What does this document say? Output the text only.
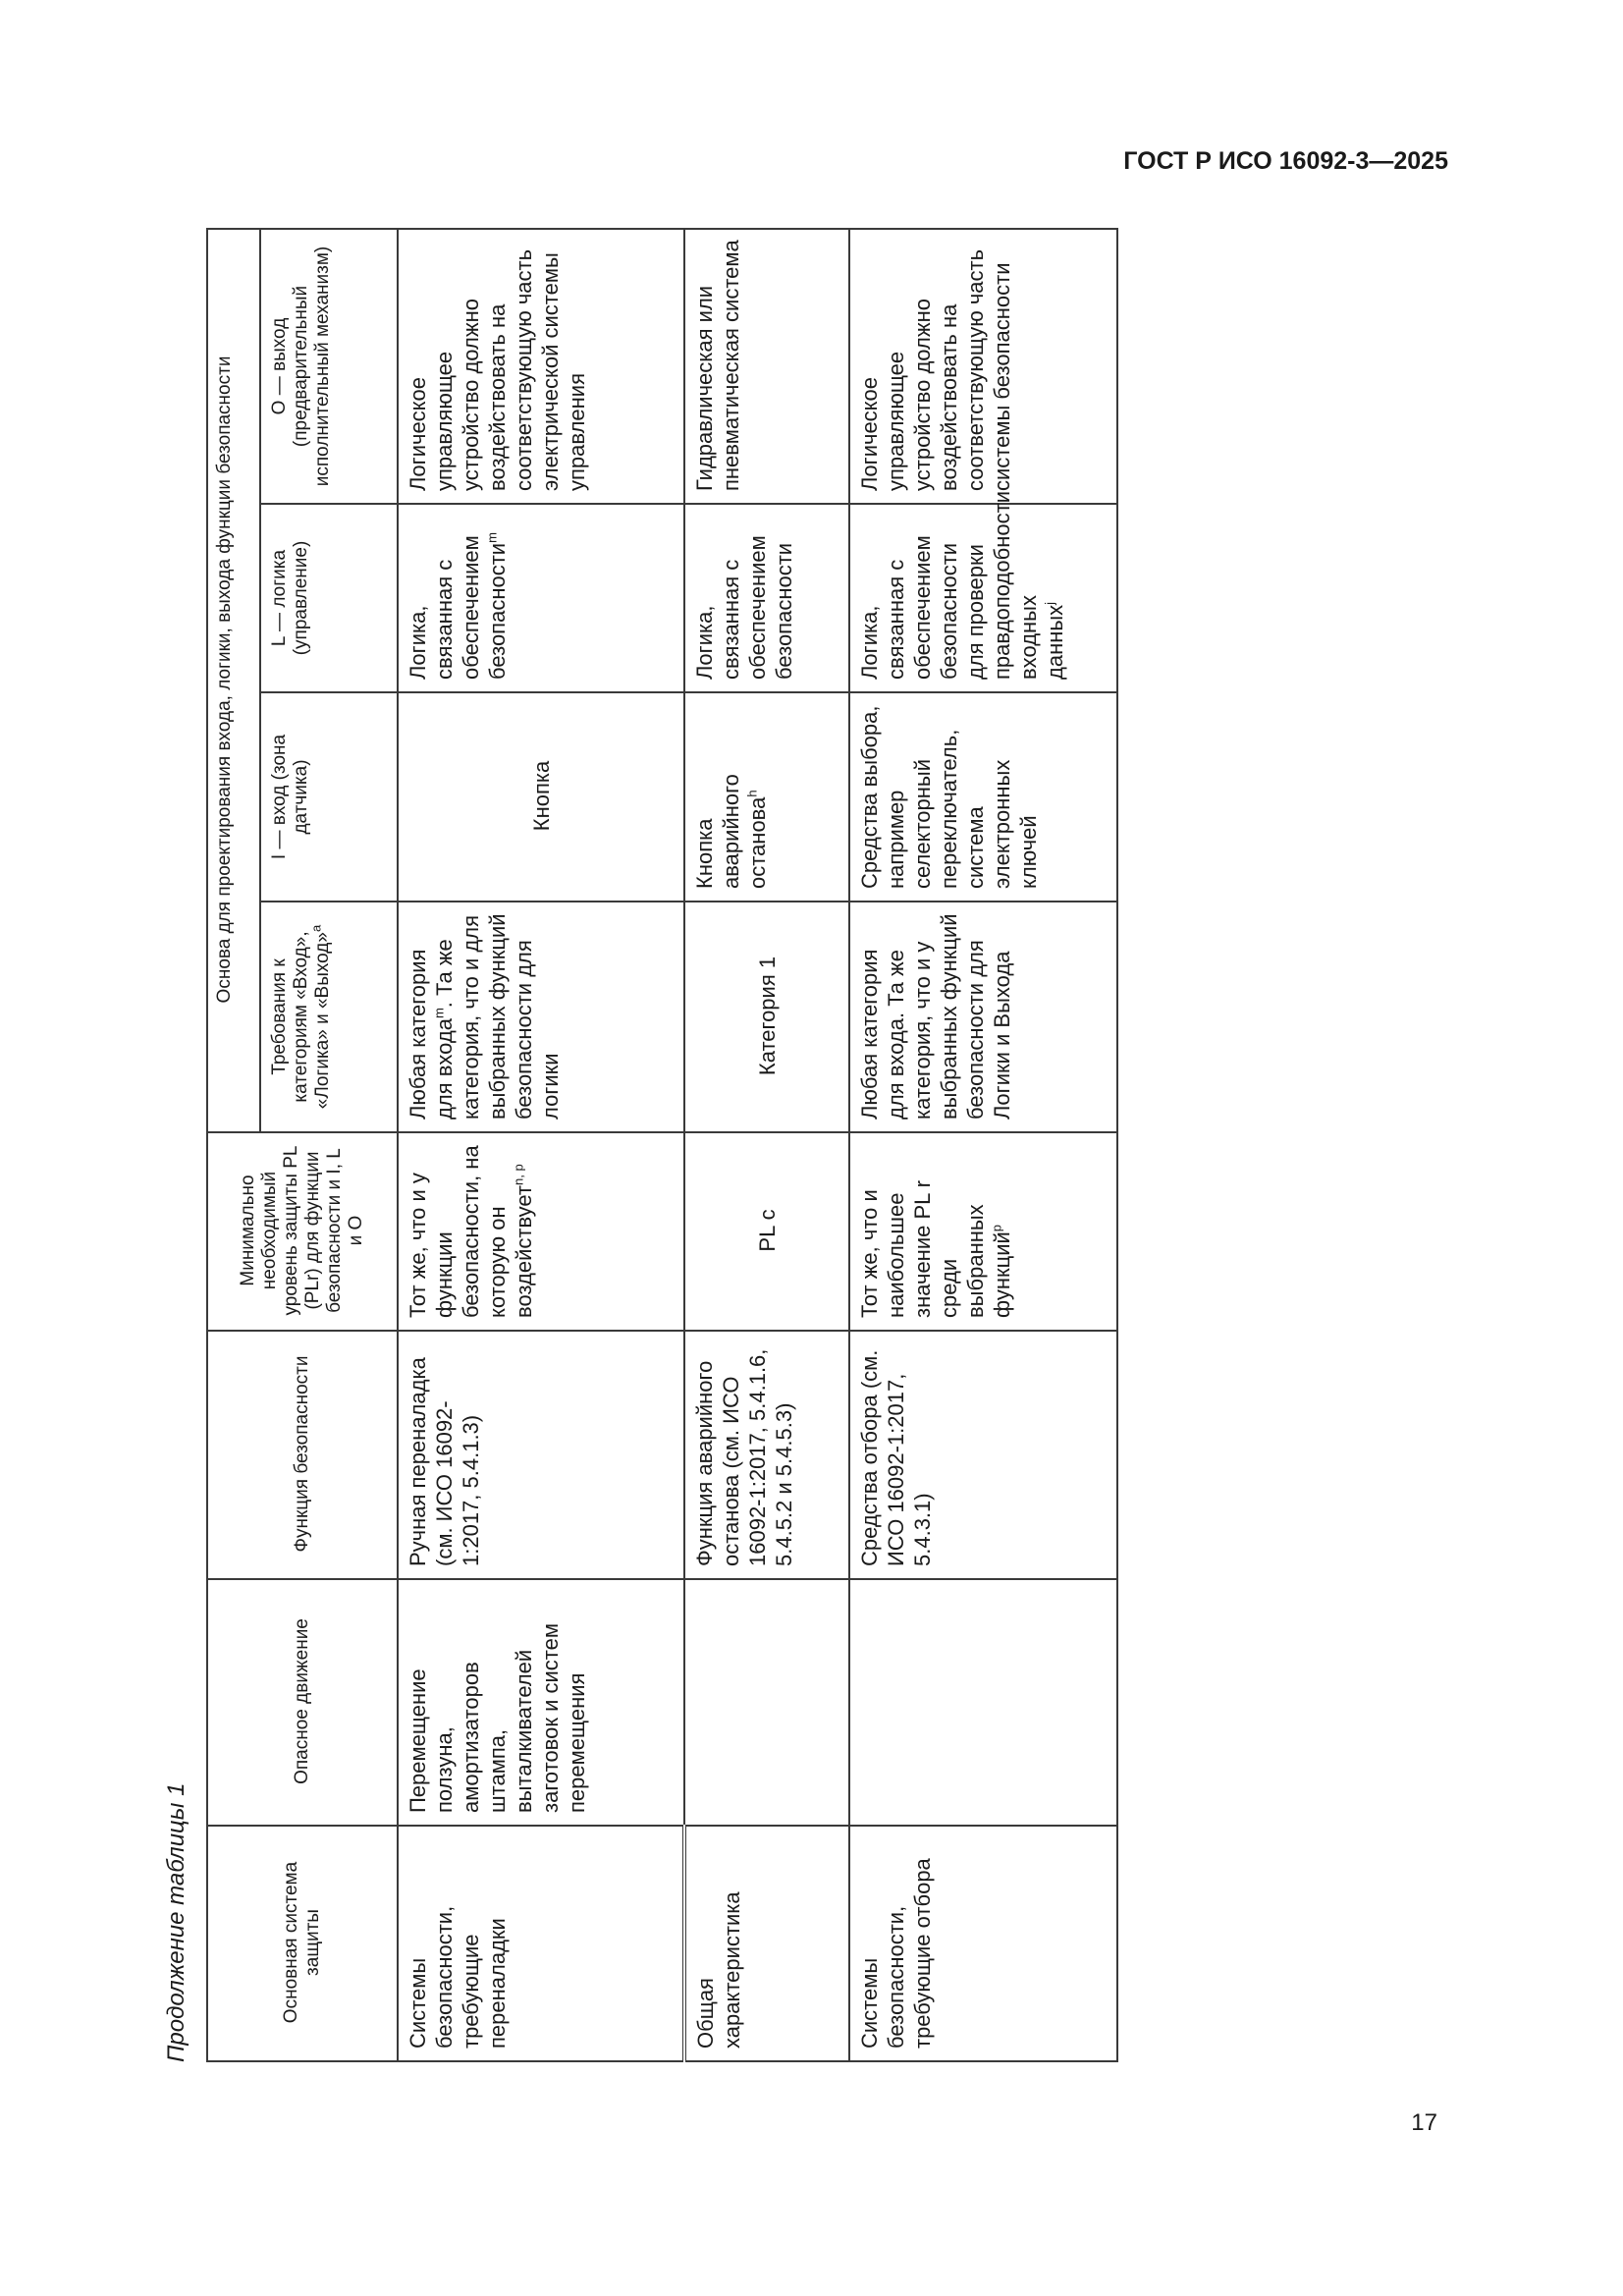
ГОСТ Р ИСО 16092-3—2025
17
Продолжение таблицы 1	Основная система защиты	Опасное движение	Функция безопасности	Минимально необходимый уровень защиты PL (PLr) для функции безопасности и I, L и O	Основа для проектирования входа, логики, выхода функции безопасности			
				Требования к категориям «Вход», «Логика» и «Выход»$^a$	I — вход (зона датчика)	L — логика (управление)	O — выход (предварительный исполнительный механизм)
Системы безопасности, требующие переналадки	Перемещение ползуна, амортизаторов штампа, выталкивателей заготовок и систем перемещения	Ручная переналадка (см. ИСО 16092-1:2017, 5.4.1.3)	Тот же, что и у функции безопасности, на которую он воздействует$^{n, p}$	Любая категория для входа$^m$. Та же категория, что и для выбранных функций безопасности для логики	Кнопка	Логика, связанная с обеспечением безопасности$^m$	Логическое управляющее устройство должно воздействовать на соответствующую часть электрической системы управления
Общая характеристика		Функция аварийного останова (см. ИСО 16092-1:2017, 5.4.1.6, 5.4.5.2 и 5.4.5.3)	PL c	Категория 1	Кнопка аварийного останова$^h$	Логика, связанная с обеспечением безопасности	Гидравлическая или пневматическая система
Системы безопасности, требующие отбора		Средства отбора (см. ИСО 16092-1:2017, 5.4.3.1)	Тот же, что и наибольшее значение PL r среди выбранных функций$^p$	Любая категория для входа. Та же категория, что и у выбранных функций безопасности для Логики и Выхода	Средства выбора, например селекторный переключатель, система электронных ключей	Логика, связанная с обеспечением безопасности для проверки правдоподобности входных данных$^j$	Логическое управляющее устройство должно воздействовать на соответствующую часть системы безопасности
